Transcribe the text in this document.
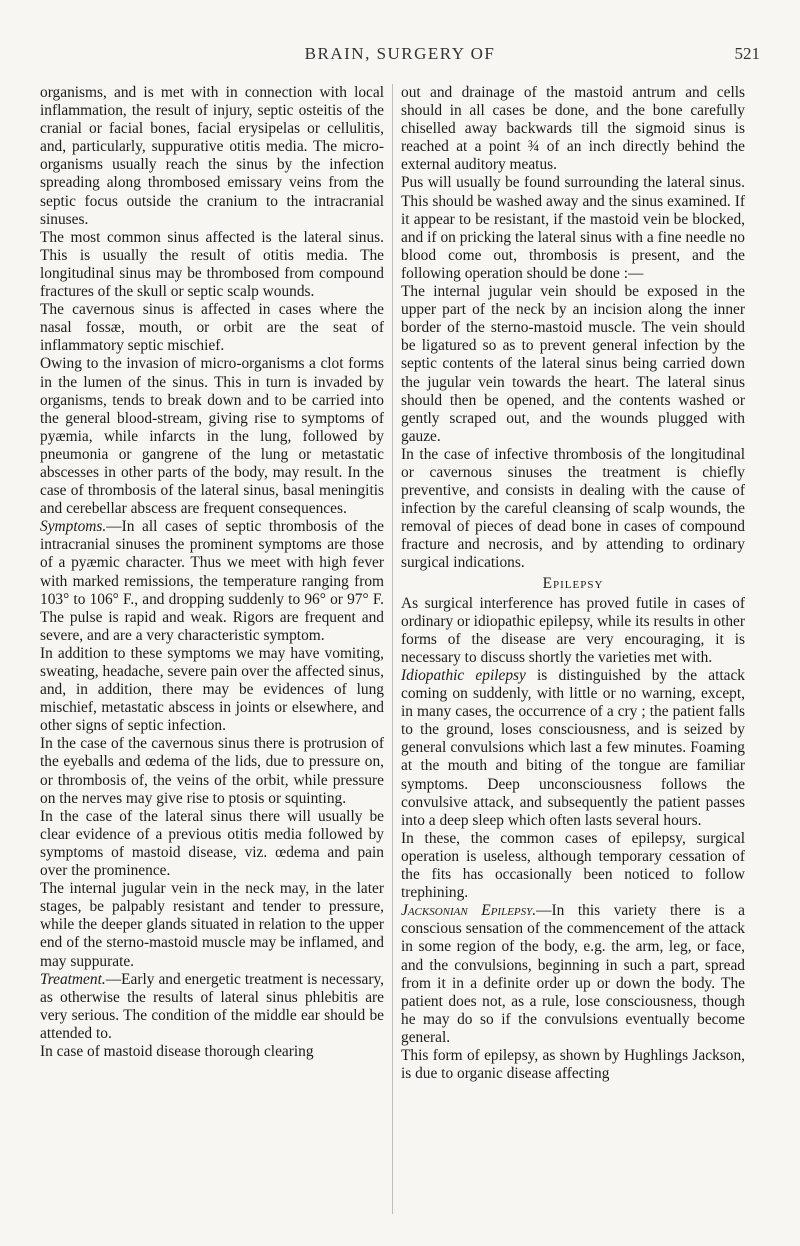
BRAIN, SURGERY OF	521

organisms, and is met with in connection with local inflammation, the result of injury, septic osteitis of the cranial or facial bones, facial erysipelas or cellulitis, and, particularly, suppurative otitis media. The micro-organisms usually reach the sinus by the infection spreading along thrombosed emissary veins from the septic focus outside the cranium to the intracranial sinuses.

The most common sinus affected is the lateral sinus. This is usually the result of otitis media. The longitudinal sinus may be thrombosed from compound fractures of the skull or septic scalp wounds.

The cavernous sinus is affected in cases where the nasal fossæ, mouth, or orbit are the seat of inflammatory septic mischief.

Owing to the invasion of micro-organisms a clot forms in the lumen of the sinus. This in turn is invaded by organisms, tends to break down and to be carried into the general blood-stream, giving rise to symptoms of pyæmia, while infarcts in the lung, followed by pneumonia or gangrene of the lung or metastatic abscesses in other parts of the body, may result. In the case of thrombosis of the lateral sinus, basal meningitis and cerebellar abscess are frequent consequences.

Symptoms.—In all cases of septic thrombosis of the intracranial sinuses the prominent symptoms are those of a pyæmic character. Thus we meet with high fever with marked remissions, the temperature ranging from 103° to 106° F., and dropping suddenly to 96° or 97° F. The pulse is rapid and weak. Rigors are frequent and severe, and are a very characteristic symptom.

In addition to these symptoms we may have vomiting, sweating, headache, severe pain over the affected sinus, and, in addition, there may be evidences of lung mischief, metastatic abscess in joints or elsewhere, and other signs of septic infection.

In the case of the cavernous sinus there is protrusion of the eyeballs and œdema of the lids, due to pressure on, or thrombosis of, the veins of the orbit, while pressure on the nerves may give rise to ptosis or squinting.

In the case of the lateral sinus there will usually be clear evidence of a previous otitis media followed by symptoms of mastoid disease, viz. œdema and pain over the prominence.

The internal jugular vein in the neck may, in the later stages, be palpably resistant and tender to pressure, while the deeper glands situated in relation to the upper end of the sterno-mastoid muscle may be inflamed, and may suppurate.

Treatment.—Early and energetic treatment is necessary, as otherwise the results of lateral sinus phlebitis are very serious. The condition of the middle ear should be attended to.

In case of mastoid disease thorough clearing

out and drainage of the mastoid antrum and cells should in all cases be done, and the bone carefully chiselled away backwards till the sigmoid sinus is reached at a point ¾ of an inch directly behind the external auditory meatus.

Pus will usually be found surrounding the lateral sinus. This should be washed away and the sinus examined. If it appear to be resistant, if the mastoid vein be blocked, and if on pricking the lateral sinus with a fine needle no blood come out, thrombosis is present, and the following operation should be done :—

The internal jugular vein should be exposed in the upper part of the neck by an incision along the inner border of the sterno-mastoid muscle. The vein should be ligatured so as to prevent general infection by the septic contents of the lateral sinus being carried down the jugular vein towards the heart. The lateral sinus should then be opened, and the contents washed or gently scraped out, and the wounds plugged with gauze.

In the case of infective thrombosis of the longitudinal or cavernous sinuses the treatment is chiefly preventive, and consists in dealing with the cause of infection by the careful cleansing of scalp wounds, the removal of pieces of dead bone in cases of compound fracture and necrosis, and by attending to ordinary surgical indications.

Epilepsy

As surgical interference has proved futile in cases of ordinary or idiopathic epilepsy, while its results in other forms of the disease are very encouraging, it is necessary to discuss shortly the varieties met with.

Idiopathic epilepsy is distinguished by the attack coming on suddenly, with little or no warning, except, in many cases, the occurrence of a cry ; the patient falls to the ground, loses consciousness, and is seized by general convulsions which last a few minutes. Foaming at the mouth and biting of the tongue are familiar symptoms. Deep unconsciousness follows the convulsive attack, and subsequently the patient passes into a deep sleep which often lasts several hours.

In these, the common cases of epilepsy, surgical operation is useless, although temporary cessation of the fits has occasionally been noticed to follow trephining.

Jacksonian Epilepsy.—In this variety there is a conscious sensation of the commencement of the attack in some region of the body, e.g. the arm, leg, or face, and the convulsions, beginning in such a part, spread from it in a definite order up or down the body. The patient does not, as a rule, lose consciousness, though he may do so if the convulsions eventually become general.

This form of epilepsy, as shown by Hughlings Jackson, is due to organic disease affecting
